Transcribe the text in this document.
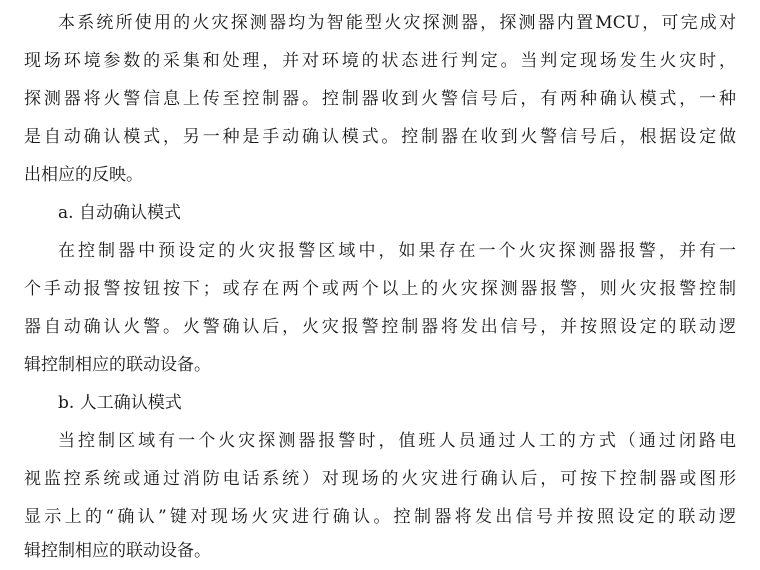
本系统所使用的火灾探测器均为智能型火灾探测器，探测器内置MCU，可完成对
现场环境参数的采集和处理，并对环境的状态进行判定。当判定现场发生火灾时，
探测器将火警信息上传至控制器。控制器收到火警信号后，有两种确认模式，一种
是自动确认模式，另一种是手动确认模式。控制器在收到火警信号后，根据设定做
出相应的反映。
a. 自动确认模式
在控制器中预设定的火灾报警区域中，如果存在一个火灾探测器报警，并有一
个手动报警按钮按下；或存在两个或两个以上的火灾探测器报警，则火灾报警控制
器自动确认火警。火警确认后，火灾报警控制器将发出信号，并按照设定的联动逻
辑控制相应的联动设备。
b. 人工确认模式
当控制区域有一个火灾探测器报警时，值班人员通过人工的方式（通过闭路电
视监控系统或通过消防电话系统）对现场的火灾进行确认后，可按下控制器或图形
显示上的“确认”键对现场火灾进行确认。控制器将发出信号并按照设定的联动逻
辑控制相应的联动设备。
